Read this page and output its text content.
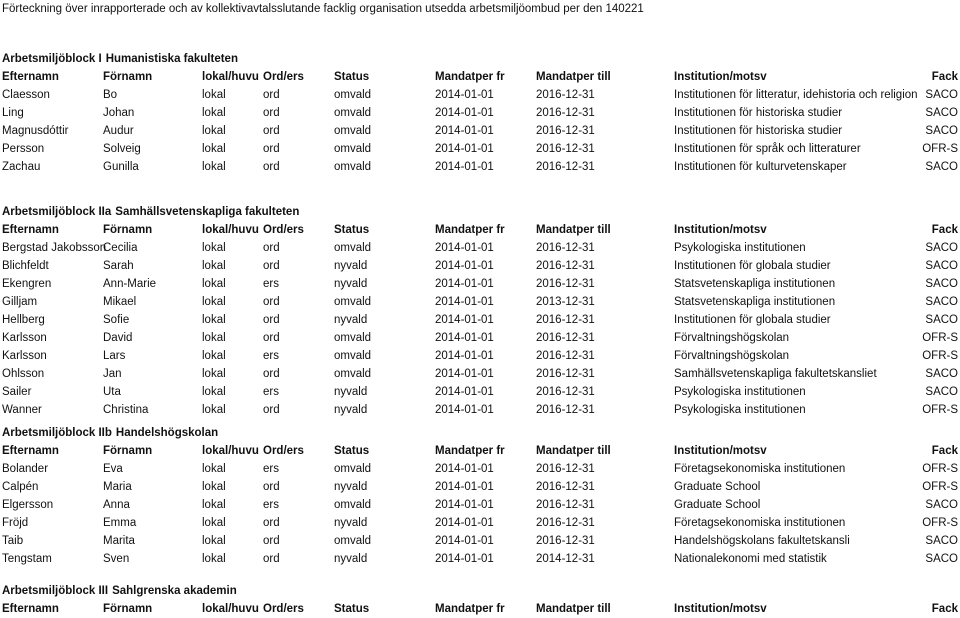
Förteckning över inrapporterade och av kollektivavtalsslutande facklig organisation utsedda arbetsmiljöombud per den 140221
Arbetsmiljöblock I Humanistiska fakulteten
Efternamn	Förnamn	lokal/huvu	Ord/ers	Status	Mandatper fr	Mandatper till	Institution/motsv	Fack
Claesson	Bo	lokal	ord	omvald	2014-01-01	2016-12-31	Institutionen för litteratur, idehistoria och religion	SACO
Ling	Johan	lokal	ord	omvald	2014-01-01	2016-12-31	Institutionen för historiska studier	SACO
Magnusdóttir	Audur	lokal	ord	omvald	2014-01-01	2016-12-31	Institutionen för historiska studier	SACO
Persson	Solveig	lokal	ord	omvald	2014-01-01	2016-12-31	Institutionen för språk och litteraturer	OFR-S
Zachau	Gunilla	lokal	ord	omvald	2014-01-01	2016-12-31	Institutionen för kulturvetenskaper	SACO
Arbetsmiljöblock IIa Samhällsvetenskapliga fakulteten
Efternamn	Förnamn	lokal/huvu	Ord/ers	Status	Mandatper fr	Mandatper till	Institution/motsv	Fack
Bergstad Jakobsson	Cecilia	lokal	ord	omvald	2014-01-01	2016-12-31	Psykologiska institutionen	SACO
Blichfeldt	Sarah	lokal	ord	nyvald	2014-01-01	2016-12-31	Institutionen för globala studier	SACO
Ekengren	Ann-Marie	lokal	ers	nyvald	2014-01-01	2016-12-31	Statsvetenskapliga institutionen	SACO
Gilljam	Mikael	lokal	ord	omvald	2014-01-01	2013-12-31	Statsvetenskapliga institutionen	SACO
Hellberg	Sofie	lokal	ord	nyvald	2014-01-01	2016-12-31	Institutionen för globala studier	SACO
Karlsson	David	lokal	ord	omvald	2014-01-01	2016-12-31	Förvaltningshögskolan	OFR-S
Karlsson	Lars	lokal	ers	omvald	2014-01-01	2016-12-31	Förvaltningshögskolan	OFR-S
Ohlsson	Jan	lokal	ord	omvald	2014-01-01	2016-12-31	Samhällsvetenskapliga fakultetskansliet	SACO
Sailer	Uta	lokal	ers	nyvald	2014-01-01	2016-12-31	Psykologiska institutionen	SACO
Wanner	Christina	lokal	ord	nyvald	2014-01-01	2016-12-31	Psykologiska institutionen	OFR-S
Arbetsmiljöblock IIb Handelshögskolan
Efternamn	Förnamn	lokal/huvu	Ord/ers	Status	Mandatper fr	Mandatper till	Institution/motsv	Fack
Bolander	Eva	lokal	ers	omvald	2014-01-01	2016-12-31	Företagsekonomiska institutionen	OFR-S
Calpén	Maria	lokal	ord	nyvald	2014-01-01	2016-12-31	Graduate School	OFR-S
Elgersson	Anna	lokal	ers	omvald	2014-01-01	2016-12-31	Graduate School	SACO
Fröjd	Emma	lokal	ord	nyvald	2014-01-01	2016-12-31	Företagsekonomiska institutionen	OFR-S
Taib	Marita	lokal	ord	omvald	2014-01-01	2016-12-31	Handelshögskolans fakultetskansli	SACO
Tengstam	Sven	lokal	ord	nyvald	2014-01-01	2014-12-31	Nationalekonomi med statistik	SACO
Arbetsmiljöblock III Sahlgrenska akademin
Efternamn	Förnamn	lokal/huvu	Ord/ers	Status	Mandatper fr	Mandatper till	Institution/motsv	Fack
